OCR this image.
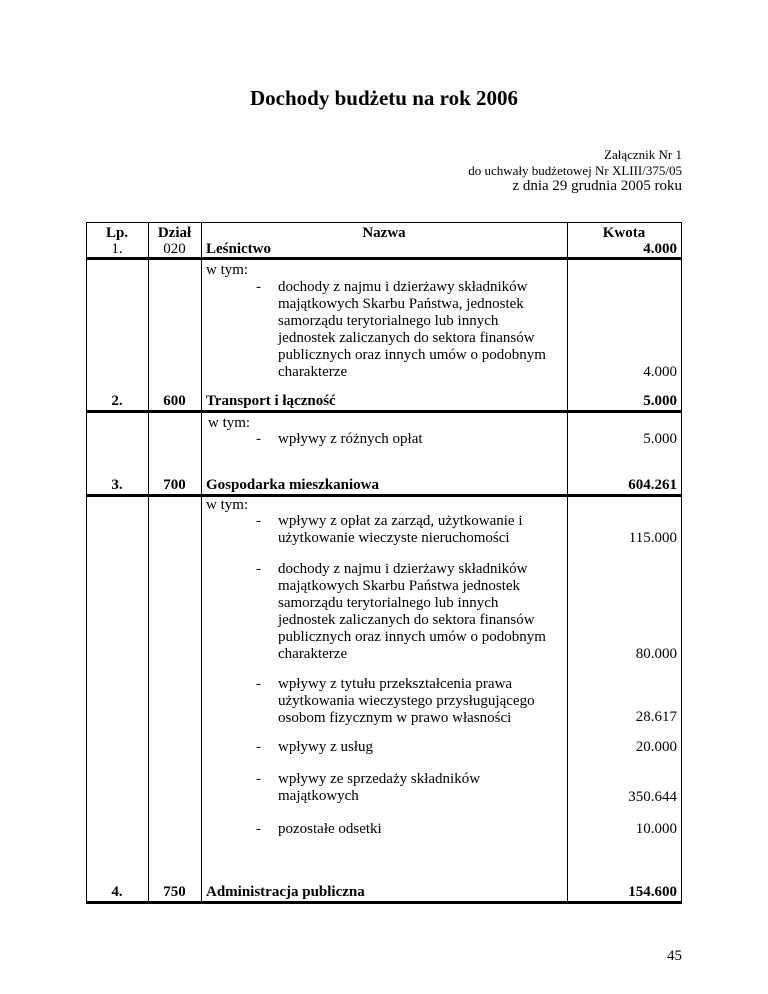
Dochody budżetu na rok 2006
Załącznik Nr 1
do uchwały budżetowej Nr XLIII/375/05
z dnia 29 grudnia 2005 roku
Lp.	Dział	Nazwa	Kwota
1.	020	Leśnictwo	4.000
w tym:
- dochody z najmu i dzierżawy składników
majątkowych Skarbu Państwa, jednostek
samorządu terytorialnego lub innych
jednostek zaliczanych do sektora finansów
publicznych oraz innych umów o podobnym
charakterze	4.000
2.	600	Transport i łączność	5.000
w tym:
- wpływy z różnych opłat	5.000
3.	700	Gospodarka mieszkaniowa	604.261
w tym:
- wpływy z opłat za zarząd, użytkowanie i
użytkowanie wieczyste nieruchomości	115.000
- dochody z najmu i dzierżawy składników
majątkowych Skarbu Państwa jednostek
samorządu terytorialnego lub innych
jednostek zaliczanych do sektora finansów
publicznych oraz innych umów o podobnym
charakterze	80.000
- wpływy z tytułu przekształcenia prawa
użytkowania wieczystego przysługującego
osobom fizycznym w prawo własności	28.617
- wpływy z usług	20.000
- wpływy ze sprzedaży składników
majątkowych	350.644
- pozostałe odsetki	10.000
4.	750	Administracja publiczna	154.600
45
